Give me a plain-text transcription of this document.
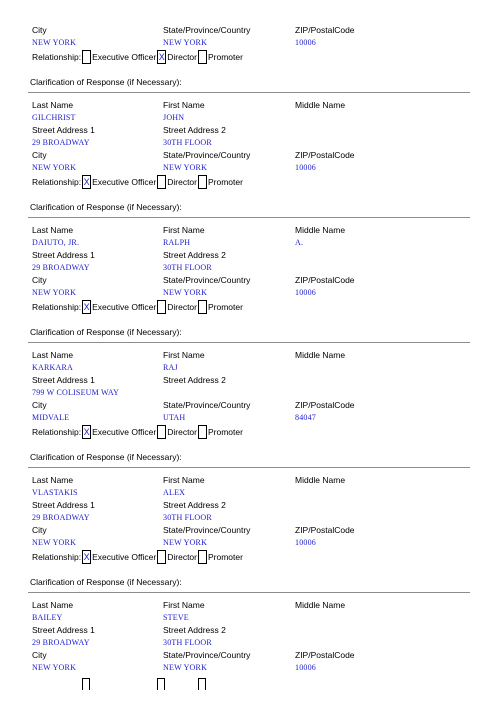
City	State/Province/Country	ZIP/PostalCode
NEW YORK	NEW YORK	10006
Relationship: Executive Officer X Director Promoter
Clarification of Response (if Necessary):
Last Name	First Name	Middle Name
GILCHRIST	JOHN
Street Address 1	Street Address 2
29 BROADWAY	30TH FLOOR
City	State/Province/Country	ZIP/PostalCode
NEW YORK	NEW YORK	10006
Relationship: X Executive Officer Director Promoter
Clarification of Response (if Necessary):
Last Name	First Name	Middle Name
DAIUTO, JR.	RALPH	A.
Street Address 1	Street Address 2
29 BROADWAY	30TH FLOOR
City	State/Province/Country	ZIP/PostalCode
NEW YORK	NEW YORK	10006
Relationship: X Executive Officer Director Promoter
Clarification of Response (if Necessary):
Last Name	First Name	Middle Name
KARKARA	RAJ
Street Address 1	Street Address 2
799 W COLISEUM WAY
City	State/Province/Country	ZIP/PostalCode
MIDVALE	UTAH	84047
Relationship: X Executive Officer Director Promoter
Clarification of Response (if Necessary):
Last Name	First Name	Middle Name
VLASTAKIS	ALEX
Street Address 1	Street Address 2
29 BROADWAY	30TH FLOOR
City	State/Province/Country	ZIP/PostalCode
NEW YORK	NEW YORK	10006
Relationship: X Executive Officer Director Promoter
Clarification of Response (if Necessary):
Last Name	First Name	Middle Name
BAILEY	STEVE
Street Address 1	Street Address 2
29 BROADWAY	30TH FLOOR
City	State/Province/Country	ZIP/PostalCode
NEW YORK	NEW YORK	10006
